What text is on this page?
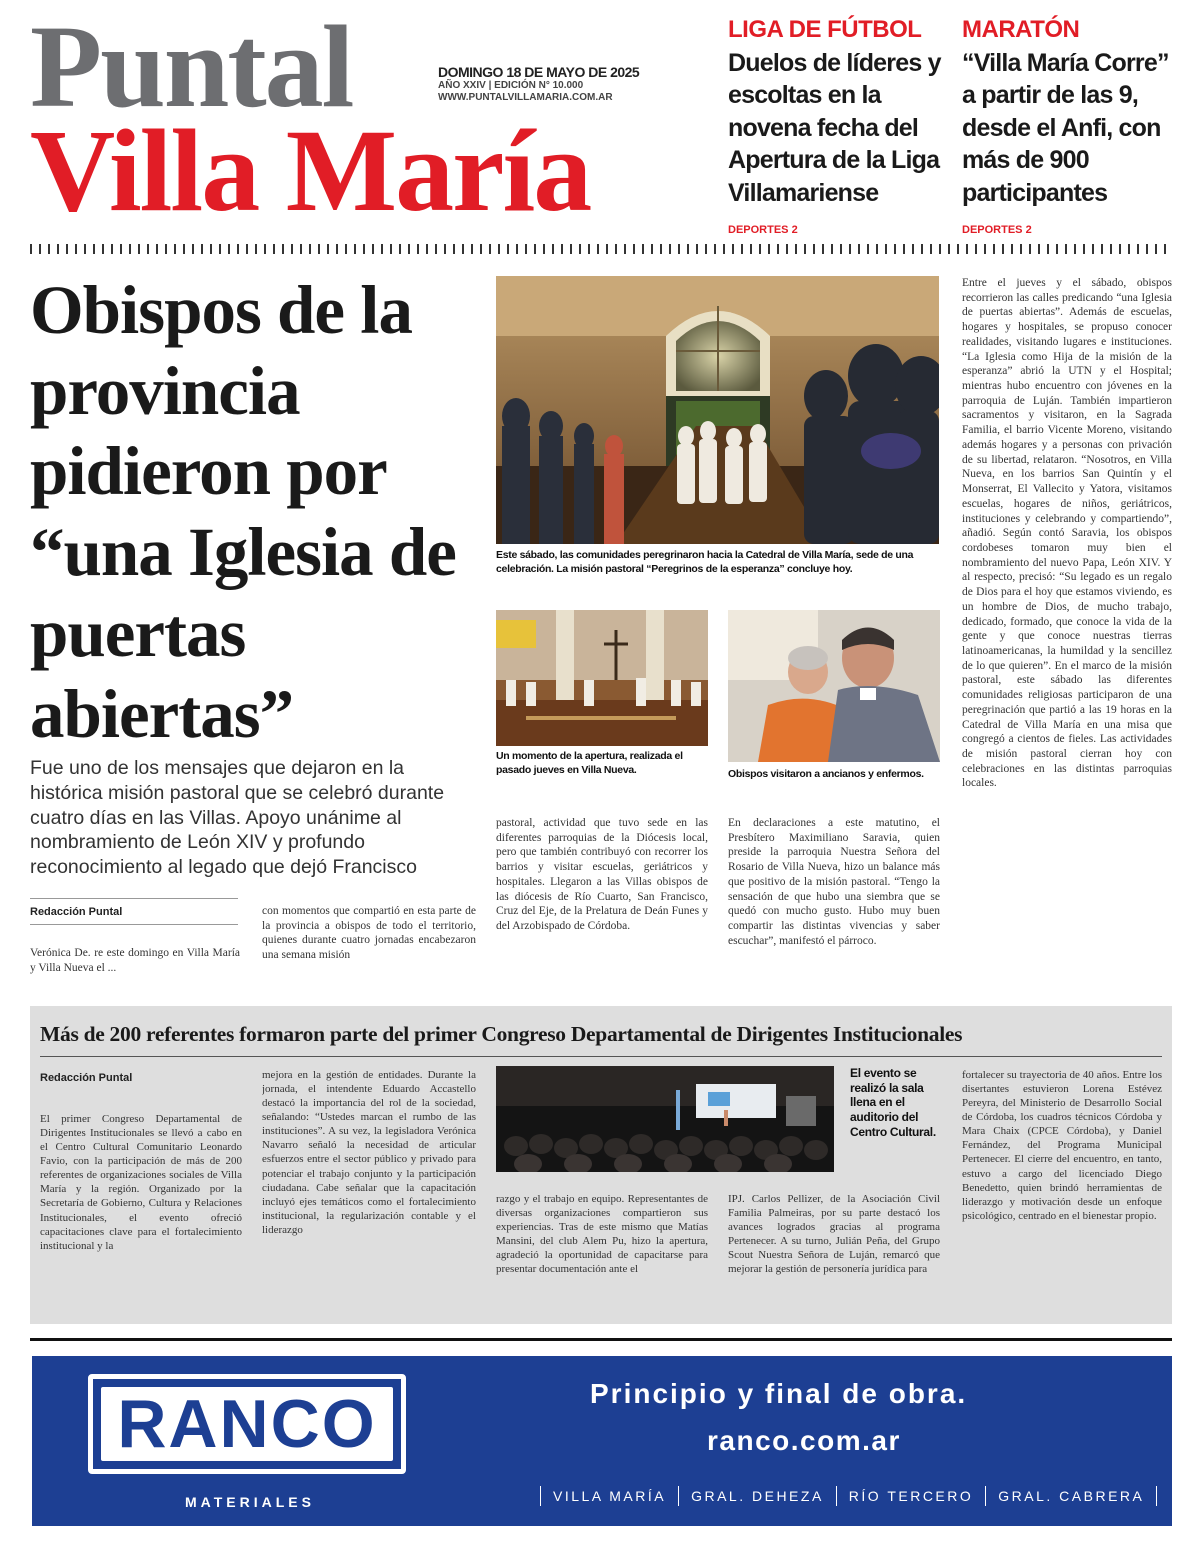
Puntal
Villa María
DOMINGO 18 DE MAYO DE 2025
AÑO XXIV | EDICIÓN N° 10.000
WWW.PUNTALVILLAMARIA.COM.AR
LIGA DE FÚTBOL
Duelos de líderes y escoltas en la novena fecha del Apertura de la Liga Villamariense
DEPORTES 2
MARATÓN
“Villa María Corre” a partir de las 9, desde el Anfi, con más de 900 participantes
DEPORTES 2
Obispos de la provincia pidieron por “una Iglesia de puertas abiertas”
Fue uno de los mensajes que dejaron en la histórica misión pastoral que se celebró durante cuatro días en las Villas. Apoyo unánime al nombramiento de León XIV y profundo reconocimiento al legado que dejó Francisco
Redacción Puntal
Verónica De. re este domingo en Villa María y Villa Nueva el ...
con momentos que compartió en esta parte de la provincia a obispos de todo el territorio, quienes durante cuatro jornadas encabezaron una semana misión
pastoral, actividad que tuvo sede en las diferentes parroquias de la Diócesis local, pero que también contribuyó con recorrer los barrios y visitar escuelas, geriátricos y hospitales. Llegaron a las Villas obispos de las diócesis de Río Cuarto, San Francisco, Cruz del Eje, de la Prelatura de Deán Funes y del Arzobispado de Córdoba.
En declaraciones a este matutino, el Presbítero Maximiliano Saravia, quien preside la parroquia Nuestra Señora del Rosario de Villa Nueva, hizo un balance más que positivo de la misión pastoral. “Tengo la sensación de que hubo una siembra que se quedó con mucho gusto. Hubo muy buen compartir las distintas vivencias y saber escuchar”, manifestó el párroco.
Entre el jueves y el sábado, obispos recorrieron las calles predicando “una Iglesia de puertas abiertas”. Además de escuelas, hogares y hospitales, se propuso conocer realidades, visitando lugares e instituciones. “La Iglesia como Hija de la misión de la esperanza” abrió la UTN y el Hospital; mientras hubo encuentro con jóvenes en la parroquia de Luján. También impartieron sacramentos y visitaron, en la Sagrada Familia, el barrio Vicente Moreno, visitando además hogares y a personas con privación de su libertad, relataron. “Nosotros, en Villa Nueva, en los barrios San Quintín y el Monserrat, El Vallecito y Yatora, visitamos escuelas, hogares de niños, geriátricos, instituciones y celebrando y compartiendo”, añadió. Según contó Saravia, los obispos cordobeses tomaron muy bien el nombramiento del nuevo Papa, León XIV. Y al respecto, precisó: “Su legado es un regalo de Dios para el hoy que estamos viviendo, es un hombre de Dios, de mucho trabajo, dedicado, formado, que conoce la vida de la gente y que conoce nuestras tierras latinoamericanas, la humildad y la sencillez de lo que quieren”. En el marco de la misión pastoral, este sábado las diferentes comunidades religiosas participaron de una peregrinación que partió a las 19 horas en la Catedral de Villa María en una misa que congregó a cientos de fieles. Las actividades de misión pastoral cierran hoy con celebraciones en las distintas parroquias locales.
Este sábado, las comunidades peregrinaron hacia la Catedral de Villa María, sede de una celebración. La misión pastoral “Peregrinos de la esperanza” concluye hoy.
Un momento de la apertura, realizada el pasado jueves en Villa Nueva.	Obispos visitaron a ancianos y enfermos.
Más de 200 referentes formaron parte del primer Congreso Departamental de Dirigentes Institucionales
Redacción Puntal
El primer Congreso Departamental de Dirigentes Institucionales se llevó a cabo en el Centro Cultural Comunitario Leonardo Favio, con la participación de más de 200 referentes de organizaciones sociales de Villa María y la región. Organizado por la Secretaría de Gobierno, Cultura y Relaciones Institucionales, el evento ofreció capacitaciones clave para el fortalecimiento institucional y la
mejora en la gestión de entidades. Durante la jornada, el intendente Eduardo Accastello destacó la importancia del rol de la sociedad, señalando: “Ustedes marcan el rumbo de las instituciones”. A su vez, la legisladora Verónica Navarro señaló la necesidad de articular esfuerzos entre el sector público y privado para potenciar el trabajo conjunto y la participación ciudadana. Cabe señalar que la capacitación incluyó ejes temáticos como el fortalecimiento institucional, la regularización contable y el liderazgo
El evento se realizó la sala llena en el auditorio del Centro Cultural.
razgo y el trabajo en equipo. Representantes de diversas organizaciones compartieron sus experiencias. Tras de este mismo que Matías Mansini, del club Alem Pu, hizo la apertura, agradeció la oportunidad de capacitarse para presentar documentación ante el
IPJ. Carlos Pellizer, de la Asociación Civil Familia Palmeiras, por su parte destacó los avances logrados gracias al programa Pertenecer. A su turno, Julián Peña, del Grupo Scout Nuestra Señora de Luján, remarcó que mejorar la gestión de personería jurídica para
fortalecer su trayectoria de 40 años. Entre los disertantes estuvieron Lorena Estévez Pereyra, del Ministerio de Desarrollo Social de Córdoba, los cuadros técnicos Córdoba y Mara Chaix (CPCE Córdoba), y Daniel Fernández, del Programa Municipal Pertenecer. El cierre del encuentro, en tanto, estuvo a cargo del licenciado Diego Benedetto, quien brindó herramientas de liderazgo y motivación desde un enfoque psicológico, centrado en el bienestar propio.
RANCO
MATERIALES
Principio y final de obra.
ranco.com.ar
VILLA MARÍA	GRAL. DEHEZA	RÍO TERCERO	GRAL. CABRERA
